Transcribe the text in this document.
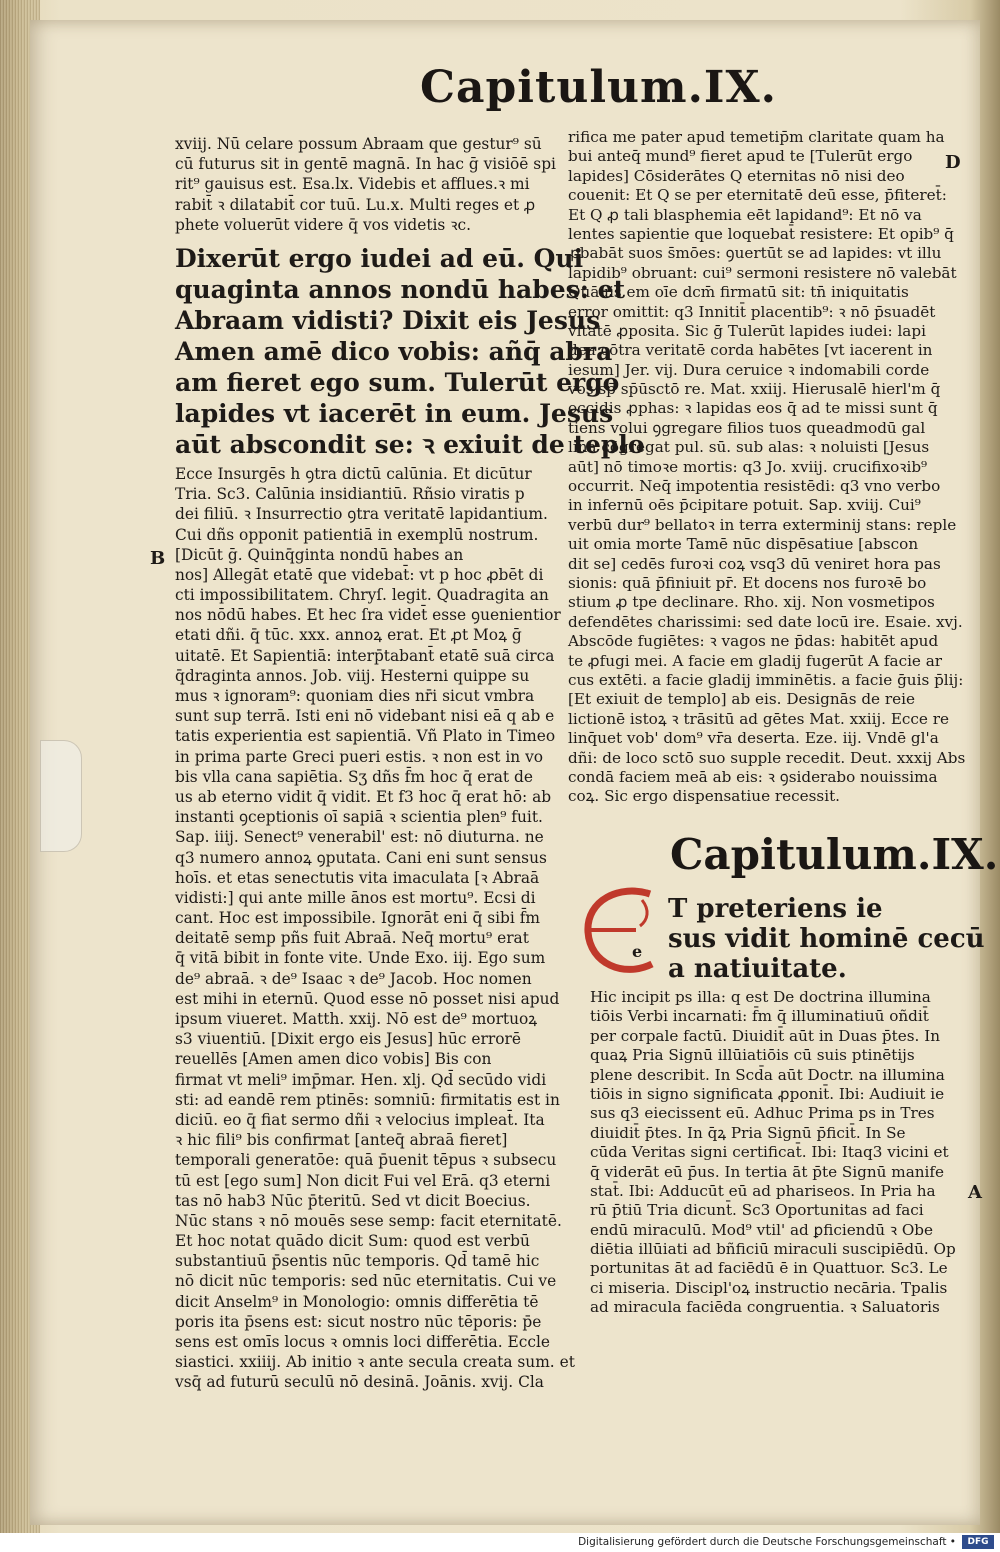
Capitulum.IX.
B
D
A

xviij. Nū celare possum Abraam que gestur⁹ sū

cū futurus sit in gentē magnā. In hac ḡ visiōē spi

rit⁹ gauisus est. Esa.lx. Videbis et afflues.ꝛ mi

rabit̄ ꝛ dilatabit̄ cor tuū. Lu.x. Multi reges et ꝓ

phete voluerūt videre q̄ vos videtis ꝛc.

Dixerūt ergo iudei ad eū. Qui

quaginta annos nondū habes: et

Abraam vidisti? Dixit eis Jesus

Amen amē dico vobis: añq̄ abra

am fieret ego sum. Tulerūt ergo

lapides vt iacerēt in eum. Jesus

aūt abscondit se: ꝛ exiuit de teplo

Ecce Insurgēs h ꝯtra dictū calūnia. Et dicūtur

Tria. Sc3. Calūnia insidiantiū. Rñsio viratis p

dei filiū. ꝛ Insurrectio ꝯtra veritatē lapidantium.

Cui dñs opponit patientiā in exemplū nostrum.

[Dicūt ḡ. Quinq̄ginta nondū habes an

nos] Allegāt etatē que videbat̄: vt p hoc ꝓbēt di

cti impossibilitatem. Chryſ. legit. Quadragita an

nos nōdū habes. Et hec ſra videt̄ esse ꝯuenientior

etati dñi. q̄ tūc. xxx. annoꝝ erat. Et ꝓt Moꝝ ḡ

uitatē. Et Sapientiā: interp̄tabant̄ etatē suā circa

q̄draginta annos. Job. viij. Hesterni quippe su

mus ꝛ ignoram⁹: quoniam dies nr̄i sicut vmbra

sunt sup terrā. Isti eni nō videbant nisi eā q ab e

tatis experientia est sapientiā. Vñ Plato in Timeo

in prima parte Greci pueri estis. ꝛ non est in vo

bis vlla cana sapiētia. Sʒ dñs f̄m hoc q̄ erat de

us ab eterno vidit q̄ vidit. Et f3 hoc q̄ erat hō: ab

instanti ꝯceptionis oī sapiā ꝛ scientia plen⁹ fuit.

Sap. iiij. Senect⁹ venerabil' est: nō diuturna. ne

q3 numero annoꝝ ꝯputata. Cani eni sunt sensus

hoīs. et etas senectutis vita imaculata [ꝛ Abraā

vidisti:] qui ante mille ānos est mortu⁹. Ecsi di

cant. Hoc est impossibile. Ignorāt eni q̄ sibi f̄m

deitatē semp pñs fuit Abraā. Neq̄ mortu⁹ erat

q̄ vitā bibit in fonte vite. Unde Exo. iij. Ego sum

de⁹ abraā. ꝛ de⁹ Isaac ꝛ de⁹ Jacob. Hoc nomen

est mihi in eternū. Quod esse nō posset nisi apud

ipsum viueret. Matth. xxij. Nō est de⁹ mortuoꝝ

s3 viuentiū. [Dixit ergo eis Jesus] hūc errorē

reuellēs [Amen amen dico vobis] Bis con

firmat vt meli⁹ imp̄mar. Hen. xlj. Qd̄ secūdo vidi

sti: ad eandē rem ptinēs: somniū: firmitatis est in

diciū. eo q̄ fiat sermo dñi ꝛ velocius impleat̄. Ita

ꝛ hic fili⁹ bis confirmat [anteq̄ abraā fieret]

temporali generatōe: quā p̄uenit tēpus ꝛ subsecu

tū est [ego sum] Non dicit Fui vel Erā. q3 eterni

tas nō hab3 Nūc p̄teritū. Sed vt dicit Boecius.

Nūc stans ꝛ nō mouēs sese semp: facit eternitatē.

Et hoc notat quādo dicit Sum: quod est verbū

substantiuū p̄sentis nūc temporis. Qd̄ tamē hic

nō dicit nūc temporis: sed nūc eternitatis. Cui ve

dicit Anselm⁹ in Monologio: omnis differētia tē

poris ita p̄sens est: sicut nostro nūc tēporis: p̄e

sens est omīs locus ꝛ omnis loci differētia. Eccle

siastici. xxiiij. Ab initio ꝛ ante secula creata sum. et

vsq̄ ad futurū seculū nō desinā. Joānis. xvij. Cla

rifica me pater apud temetip̄m claritate quam ha

bui anteq̄ mund⁹ fieret apud te [Tulerūt ergo

lapides] Cōsiderātes Q eternitas nō nisi deo

couenit: Et Q se per eternitatē deū esse, p̄fiteret̄:

Et Q ꝓ tali blasphemia eēt lapidand⁹: Et nō va

lentes sapientie que loquebat̄ resistere: Et opib⁹ q̄

ꝓbabāt suos s̄mōes: ꝯuertūt se ad lapides: vt illu

lapidib⁹ obruant: cui⁹ sermoni resistere nō valebāt

Quāuis em oīe dcm̄ firmatū sit: tn̄ iniquitatis

error omittit: q3 Innitit̄ placentib⁹: ꝛ nō p̄suadēt

v̄itatē ꝓposita. Sic ḡ Tulerūt lapides iudei: lapi

dea cōtra veritatē corda habētes [vt iacerent in

iesum] Jer. vij. Dura ceruice ꝛ indomabili corde

vos sp̄ sp̄ūsctō re. Mat. xxiij. Hierusalē hierl'm q̄

occidis ꝓphas: ꝛ lapidas eos q̄ ad te missi sunt q̄

tiens volui ꝯgregare filios tuos queadmodū gal

lina cōgregat pul. sū. sub alas: ꝛ noluisti [Jesus

aūt] nō timoꝛe mortis: q3 Jo. xviij. crucifixoꝛib⁹

occurrit. Neq̄ impotentia resistēdi: q3 vno verbo

in infernū oēs p̄cipitare potuit. Sap. xviij. Cui⁹

verbū dur⁹ bellatoꝛ in terra exterminij stans: reple

uit omia morte Tamē nūc dispēsatiue [abscon

dit se] cedēs furoꝛi coꝝ vsq3 dū veniret hora pas

sionis: quā p̄finiuit pr̄. Et docens nos furoꝛē bo

stium ꝓ tpe declinare. Rho. xij. Non vosmetipos

defendētes charissimi: sed date locū ire. Esaie. xvj.

Abscōde fugiētes: ꝛ vagos ne p̄das: habitēt apud

te ꝓfugi mei. A facie em gladij fugerūt A facie ar

cus extēti. a facie gladij imminētis. a facie ḡuis p̄lij:

[Et exiuit de templo] ab eis. Designās de reie

lictionē istoꝝ ꝛ trāsitū ad gētes Mat. xxiij. Ecce re

linq̄uet vob' dom⁹ vr̄a deserta. Eze. iij. Vndē gl'a

dñi: de loco sctō suo supple recedit. Deut. xxxij Abs

condā faciem meā ab eis: ꝛ ꝯsiderabo nouissima

coꝝ. Sic ergo dispensatiue recessit.

Capitulum.IX.
e

T preteriens ie

sus vidit hominē cecū

a natiuitate.

Hic incipit ps illa: q est De doctrina illumina

tiōis Verbi incarnati: f̄m q̄ illuminatiuū oñdit̄

per corpale factū. Diuidit̄ aūt in Duas p̄tes. In

quaꝝ Pria Signū illūiatiōis cū suis ptinētijs

plene describit. In Scd̄a aūt Doctr. na illumina

tiōis in signo significata ꝓponit̄. Ibi: Audiuit ie

sus q3 eiecissent eū. Adhuc Prima ps in Tres

diuidit̄ p̄tes. In q̄ꝝ Pria Signū p̄ficit̄. In Se

cūda Veritas signi certificat̄. Ibi: Itaq3 vicini et

q̄ viderāt eū p̄us. In tertia āt p̄te Signū manife

stat̄. Ibi: Adducūt eū ad phariseos. In Pria ha

rū p̄tiū Tria dicunt̄. Sc3 Oportunitas ad faci

endū miraculū. Mod⁹ vtil' ad ꝑficiendū ꝛ Obe

diētia illūiati ad bñficiū miraculi suscipiēdū. Op

portunitas āt ad faciēdū ē in Quattuor. Sc3. Le

ci miseria. Discipl'oꝝ instructio necāria. Tpalis

ad miracula faciēda congruentia. ꝛ Saluatoris

Digitalisierung gefördert durch die Deutsche Forschungsgemeinschaft •	DFG
